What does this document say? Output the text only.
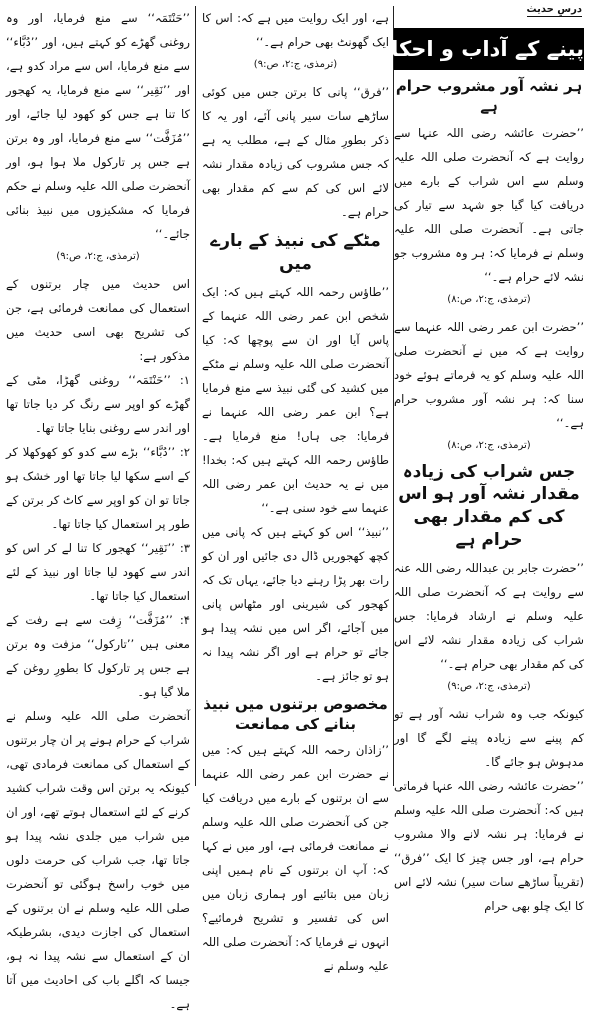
درسِ حدیث
پینے کے آداب و احکام
ہر نشہ آور مشروب حرام ہے

’’حضرت عائشہ رضی اللہ عنہا سے روایت ہے کہ آنحضرت صلی اللہ علیہ وسلم سے اس شراب کے بارے میں دریافت کیا گیا جو شہد سے تیار کی جاتی ہے۔ آنحضرت صلی اللہ علیہ وسلم نے فرمایا کہ: ہر وہ مشروب جو نشہ لائے حرام ہے۔‘‘

(ترمذی، ج:۲، ص:۸)

’’حضرت ابن عمر رضی اللہ عنہما سے روایت ہے کہ میں نے آنحضرت صلی اللہ علیہ وسلم کو یہ فرماتے ہوئے خود سنا کہ: ہر نشہ آور مشروب حرام ہے۔‘‘

(ترمذی، ج:۲، ص:۸)
جس شراب کی زیادہ مقدار نشہ آور ہو اس کی کم مقدار بھی حرام ہے

’’حضرت جابر بن عبداللہ رضی اللہ عنہ سے روایت ہے کہ آنحضرت صلی اللہ علیہ وسلم نے ارشاد فرمایا: جس شراب کی زیادہ مقدار نشہ لائے اس کی کم مقدار بھی حرام ہے۔‘‘

(ترمذی، ج:۲، ص:۹)

کیونکہ جب وہ شراب نشہ آور ہے تو کم پینے سے زیادہ پینے لگے گا اور مدہوش ہو جائے گا۔

’’حضرت عائشہ رضی اللہ عنہا فرماتی ہیں کہ: آنحضرت صلی اللہ علیہ وسلم نے فرمایا: ہر نشہ لانے والا مشروب حرام ہے، اور جس چیز کا ایک ’’فرق‘‘ (تقریباً ساڑھے سات سیر) نشہ لائے اس کا ایک چلو بھی حرام

ہے، اور ایک روایت میں ہے کہ: اس کا ایک گھونٹ بھی حرام ہے۔‘‘

(ترمذی، ج:۲، ص:۹)

’’فرق‘‘ پانی کا برتن جس میں کوئی ساڑھے سات سیر پانی آئے، اور یہ کا ذکر بطورِ مثال کے ہے، مطلب یہ ہے کہ جس مشروب کی زیادہ مقدار نشہ لائے اس کی کم سے کم مقدار بھی حرام ہے۔

مٹکے کی نبیذ کے بارے میں

’’طاؤس رحمہ اللہ کہتے ہیں کہ: ایک شخص ابن عمر رضی اللہ عنہما کے پاس آیا اور ان سے پوچھا کہ: کیا آنحضرت صلی اللہ علیہ وسلم نے مٹکے میں کشید کی گئی نبیذ سے منع فرمایا ہے؟ ابن عمر رضی اللہ عنہما نے فرمایا: جی ہاں! منع فرمایا ہے۔ طاؤس رحمہ اللہ کہتے ہیں کہ: بخدا! میں نے یہ حدیث ابن عمر رضی اللہ عنہما سے خود سنی ہے۔‘‘

’’نبیذ‘‘ اس کو کہتے ہیں کہ پانی میں کچھ کھجوریں ڈال دی جائیں اور ان کو رات بھر پڑا رہنے دیا جائے، یہاں تک کہ کھجور کی شیرینی اور مٹھاس پانی میں آجائے، اگر اس میں نشہ پیدا ہو جائے تو حرام ہے اور اگر نشہ پیدا نہ ہو تو جائز ہے۔

مخصوص برتنوں میں نبیذ بنانے کی ممانعت

’’زاذان رحمہ اللہ کہتے ہیں کہ: میں نے حضرت ابن عمر رضی اللہ عنہما سے ان برتنوں کے بارے میں دریافت کیا جن کی آنحضرت صلی اللہ علیہ وسلم نے ممانعت فرمائی ہے، اور میں نے کہا کہ: آپ ان برتنوں کے نام ہمیں اپنی زبان میں بتائیے اور ہماری زبان میں اس کی تفسیر و تشریح فرمائیے؟ انہوں نے فرمایا کہ: آنحضرت صلی اللہ علیہ وسلم نے

’’حَنْتَمَہ‘‘ سے منع فرمایا، اور وہ روغنی گھڑے کو کہتے ہیں، اور ’’دُبَّاء‘‘ سے منع فرمایا، اس سے مراد کدو ہے، اور ’’نَقِیر‘‘ سے منع فرمایا، یہ کھجور کا تنا ہے جس کو کھود لیا جائے، اور ’’مُزَفَّت‘‘ سے منع فرمایا، اور وہ برتن ہے جس پر تارکول ملا ہوا ہو، اور آنحضرت صلی اللہ علیہ وسلم نے حکم فرمایا کہ مشکیزوں میں نبیذ بنائی جائے۔‘‘

(ترمذی، ج:۲، ص:۹)

اس حدیث میں چار برتنوں کے استعمال کی ممانعت فرمائی ہے، جن کی تشریح بھی اسی حدیث میں مذکور ہے:

۱: ’’حَنْتَمَہ‘‘ روغنی گھڑا، مٹی کے گھڑے کو اوپر سے رنگ کر دیا جاتا تھا اور اندر سے روغنی بنایا جاتا تھا۔

۲: ’’دُبَّاء‘‘ بڑے سے کدو کو کھوکھلا کر کے اسے سکھا لیا جاتا تھا اور خشک ہو جاتا تو ان کو اوپر سے کاٹ کر برتن کے طور پر استعمال کیا جاتا تھا۔

۳: ’’نَقِیر‘‘ کھجور کا تنا لے کر اس کو اندر سے کھود لیا جاتا اور نبیذ کے لئے استعمال کیا جاتا تھا۔

۴: ’’مُزَفَّت‘‘ زِفت سے ہے رفت کے معنی ہیں ’’تارکول‘‘ مزفت وہ برتن ہے جس پر تارکول کا بطورِ روغن کے ملا گیا ہو۔

آنحضرت صلی اللہ علیہ وسلم نے شراب کے حرام ہونے پر ان چار برتنوں کے استعمال کی ممانعت فرمادی تھی، کیونکہ یہ برتن اس وقت شراب کشید کرنے کے لئے استعمال ہوتے تھے، اور ان میں شراب میں جلدی نشہ پیدا ہو جاتا تھا، جب شراب کی حرمت دلوں میں خوب راسخ ہوگئی تو آنحضرت صلی اللہ علیہ وسلم نے ان برتنوں کے استعمال کی اجازت دیدی، بشرطیکہ ان کے استعمال سے نشہ پیدا نہ ہو، جیسا کہ اگلے باب کی احادیث میں آتا ہے۔
